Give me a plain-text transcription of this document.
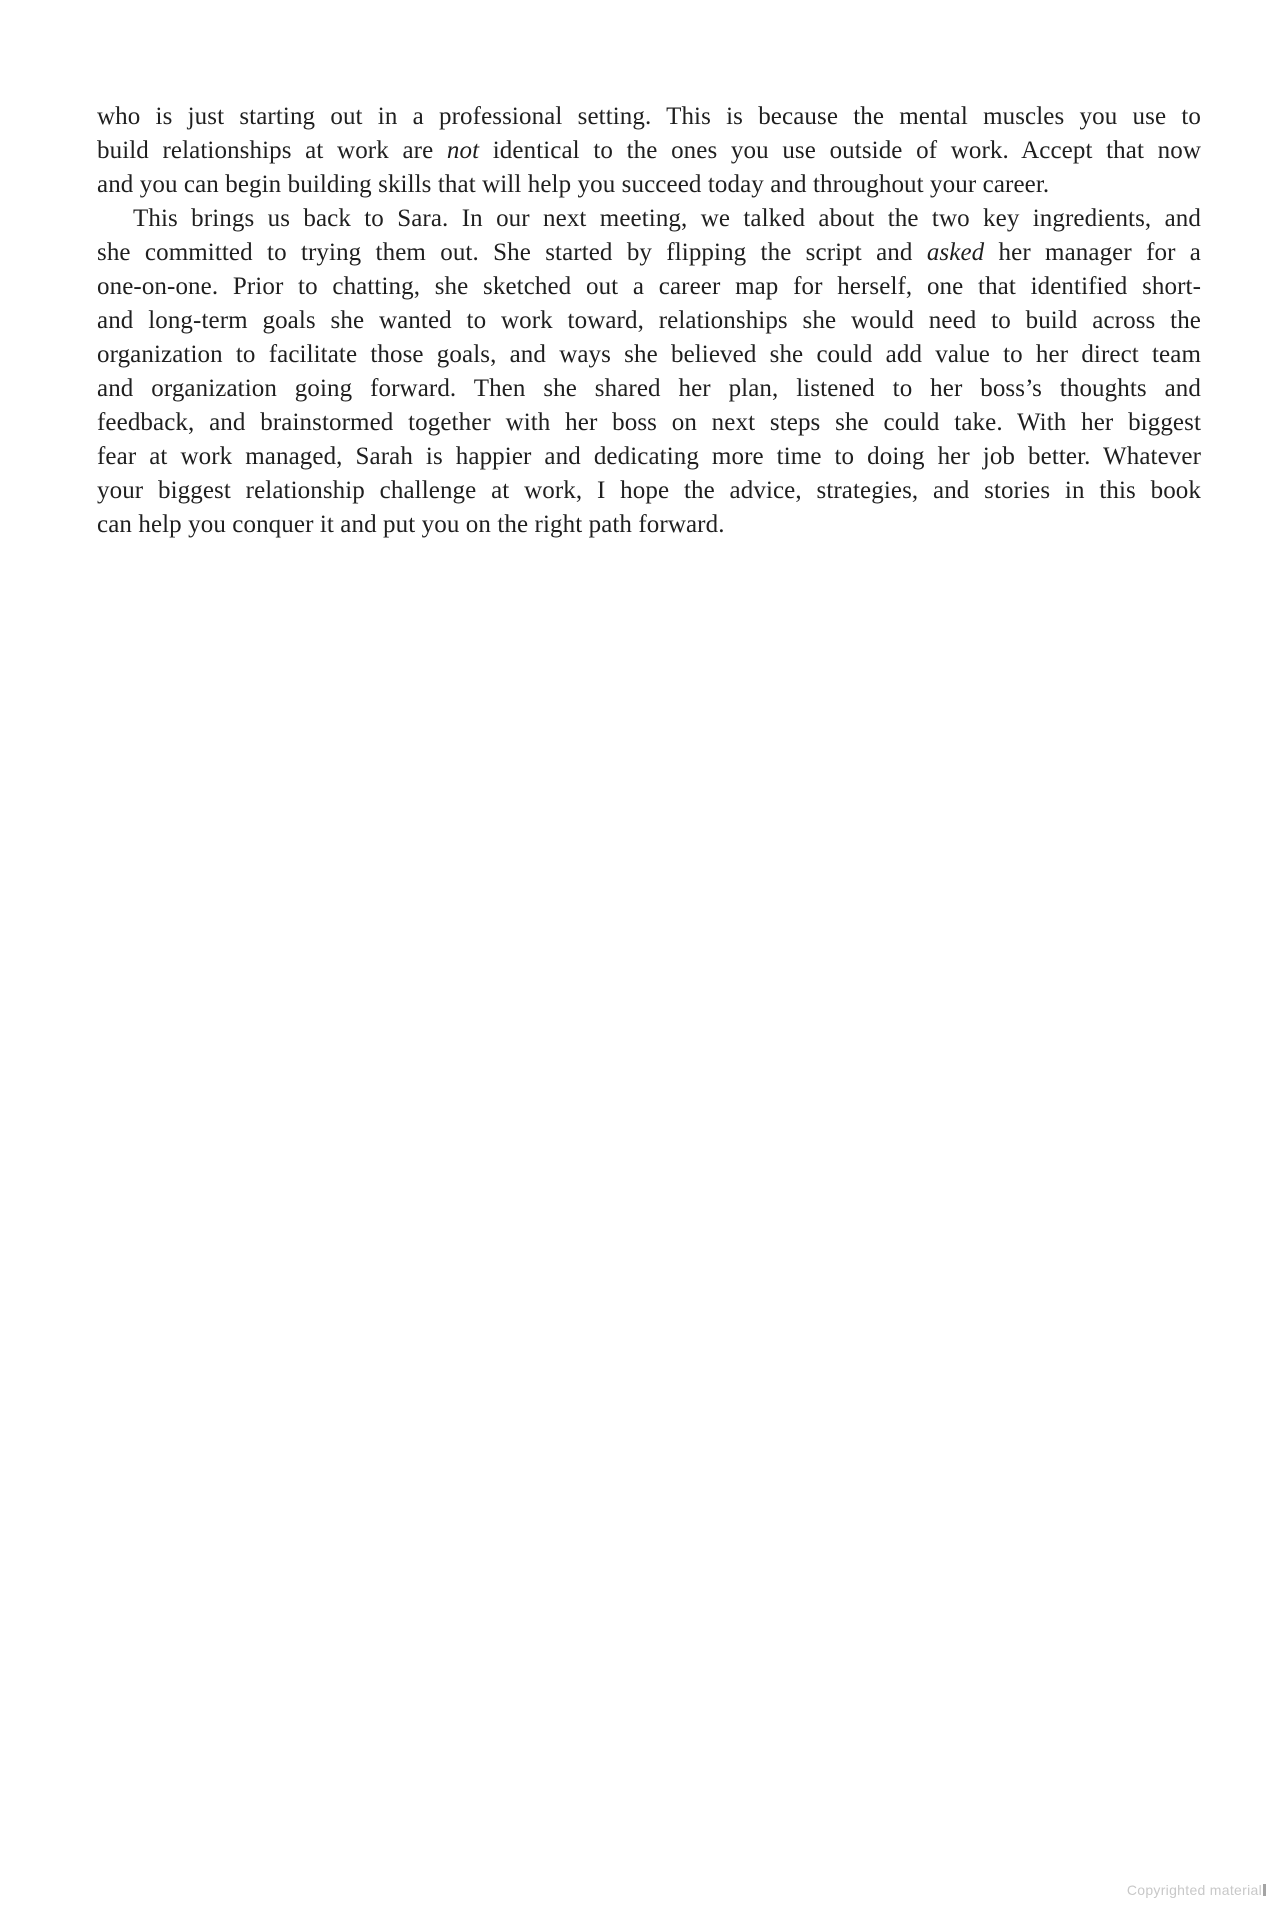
who is just starting out in a professional setting. This is because the mental muscles you use to
build relationships at work are not identical to the ones you use outside of work. Accept that now
and you can begin building skills that will help you succeed today and throughout your career.
This brings us back to Sara. In our next meeting, we talked about the two key ingredients, and
she committed to trying them out. She started by flipping the script and asked her manager for a
one-on-one. Prior to chatting, she sketched out a career map for herself, one that identified short-
and long-term goals she wanted to work toward, relationships she would need to build across the
organization to facilitate those goals, and ways she believed she could add value to her direct team
and organization going forward. Then she shared her plan, listened to her boss’s thoughts and
feedback, and brainstormed together with her boss on next steps she could take. With her biggest
fear at work managed, Sarah is happier and dedicating more time to doing her job better. Whatever
your biggest relationship challenge at work, I hope the advice, strategies, and stories in this book
can help you conquer it and put you on the right path forward.
Copyrighted material
